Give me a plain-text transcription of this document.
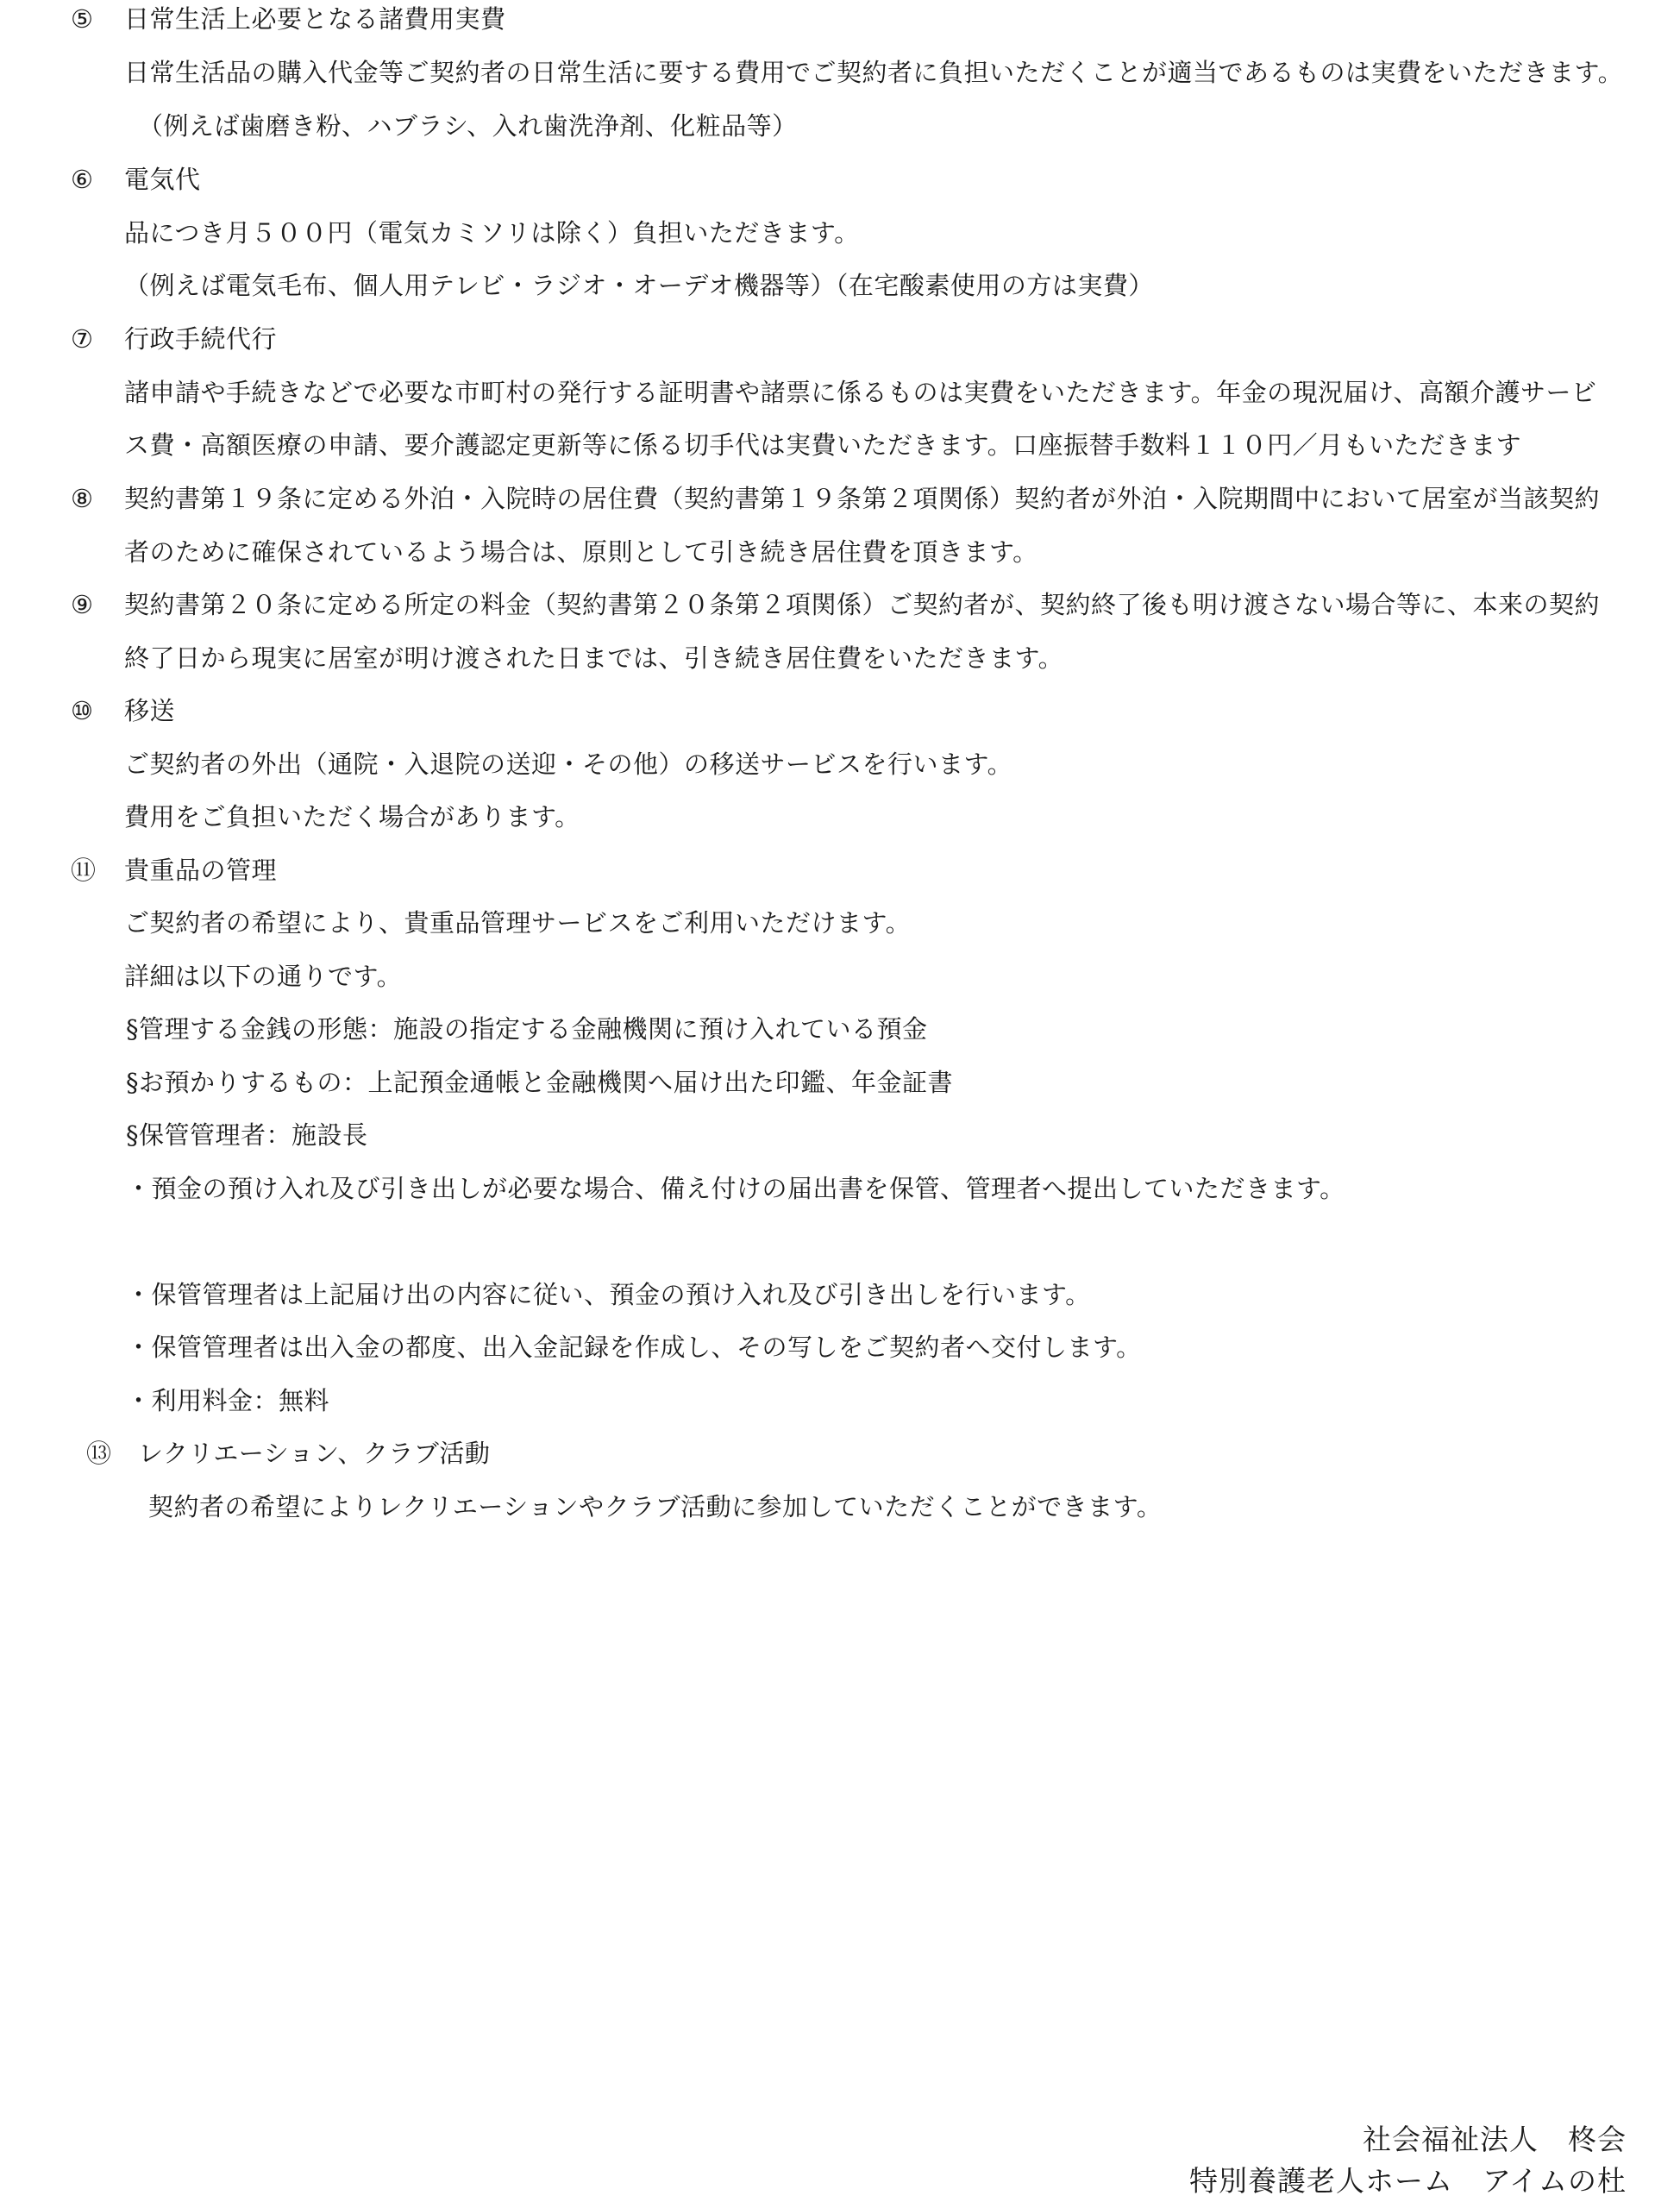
⑤ 日常生活上必要となる諸費用実費
日常生活品の購入代金等ご契約者の日常生活に要する費用でご契約者に負担いただくことが適当であるものは実費をいただきます。
（例えば歯磨き粉、ハブラシ、入れ歯洗浄剤、化粧品等）
⑥ 電気代
品につき月５００円（電気カミソリは除く）負担いただきます。
（例えば電気毛布、個人用テレビ・ラジオ・オーデオ機器等）（在宅酸素使用の方は実費）
⑦ 行政手続代行
諸申請や手続きなどで必要な市町村の発行する証明書や諸票に係るものは実費をいただきます。年金の現況届け、高額介護サービ
ス費・高額医療の申請、要介護認定更新等に係る切手代は実費いただきます。口座振替手数料１１０円／月もいただきます
⑧ 契約書第１９条に定める外泊・入院時の居住費（契約書第１９条第２項関係）契約者が外泊・入院期間中において居室が当該契約
者のために確保されているよう場合は、原則として引き続き居住費を頂きます。
⑨ 契約書第２０条に定める所定の料金（契約書第２０条第２項関係）ご契約者が、契約終了後も明け渡さない場合等に、本来の契約
終了日から現実に居室が明け渡された日までは、引き続き居住費をいただきます。
⑩ 移送
ご契約者の外出（通院・入退院の送迎・その他）の移送サービスを行います。
費用をご負担いただく場合があります。
⑪ 貴重品の管理
ご契約者の希望により、貴重品管理サービスをご利用いただけます。
詳細は以下の通りです。
§管理する金銭の形態：施設の指定する金融機関に預け入れている預金
§お預かりするもの：上記預金通帳と金融機関へ届け出た印鑑、年金証書
§保管管理者：施設長
・預金の預け入れ及び引き出しが必要な場合、備え付けの届出書を保管、管理者へ提出していただきます。
・保管管理者は上記届け出の内容に従い、預金の預け入れ及び引き出しを行います。
・保管管理者は出入金の都度、出入金記録を作成し、その写しをご契約者へ交付します。
・利用料金：無料
⑬ レクリエーション、クラブ活動
契約者の希望によりレクリエーションやクラブ活動に参加していただくことができます。
社会福祉法人　柊会
特別養護老人ホーム　アイムの杜
